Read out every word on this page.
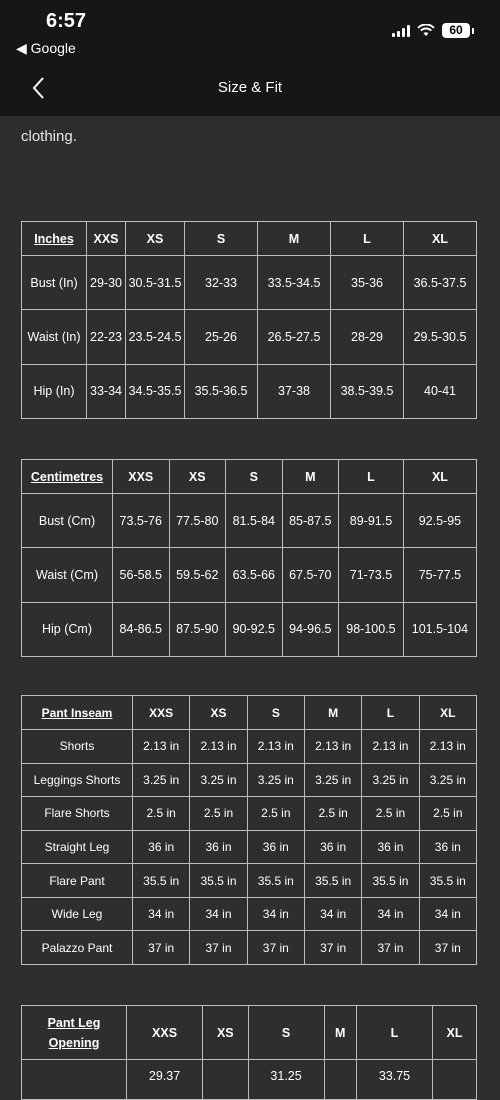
6:57
◀ Google
60
Size & Fit
clothing.
Inches	XXS	XS	S	M	L	XL
Bust (In)	29-30	30.5-31.5	32-33	33.5-34.5	35-36	36.5-37.5
Waist (In)	22-23	23.5-24.5	25-26	26.5-27.5	28-29	29.5-30.5
Hip (In)	33-34	34.5-35.5	35.5-36.5	37-38	38.5-39.5	40-41
Centimetres	XXS	XS	S	M	L	XL
Bust (Cm)	73.5-76	77.5-80	81.5-84	85-87.5	89-91.5	92.5-95
Waist (Cm)	56-58.5	59.5-62	63.5-66	67.5-70	71-73.5	75-77.5
Hip (Cm)	84-86.5	87.5-90	90-92.5	94-96.5	98-100.5	101.5-104
Pant Inseam	XXS	XS	S	M	L	XL
Shorts	2.13 in	2.13 in	2.13 in	2.13 in	2.13 in	2.13 in
Leggings Shorts	3.25 in	3.25 in	3.25 in	3.25 in	3.25 in	3.25 in
Flare Shorts	2.5 in	2.5 in	2.5 in	2.5 in	2.5 in	2.5 in
Straight Leg	36 in	36 in	36 in	36 in	36 in	36 in
Flare Pant	35.5 in	35.5 in	35.5 in	35.5 in	35.5 in	35.5 in
Wide Leg	34 in	34 in	34 in	34 in	34 in	34 in
Palazzo Pant	37 in	37 in	37 in	37 in	37 in	37 in
Pant Leg Opening	XXS	XS	S	M	L	XL
	29.37		31.25		33.75	
